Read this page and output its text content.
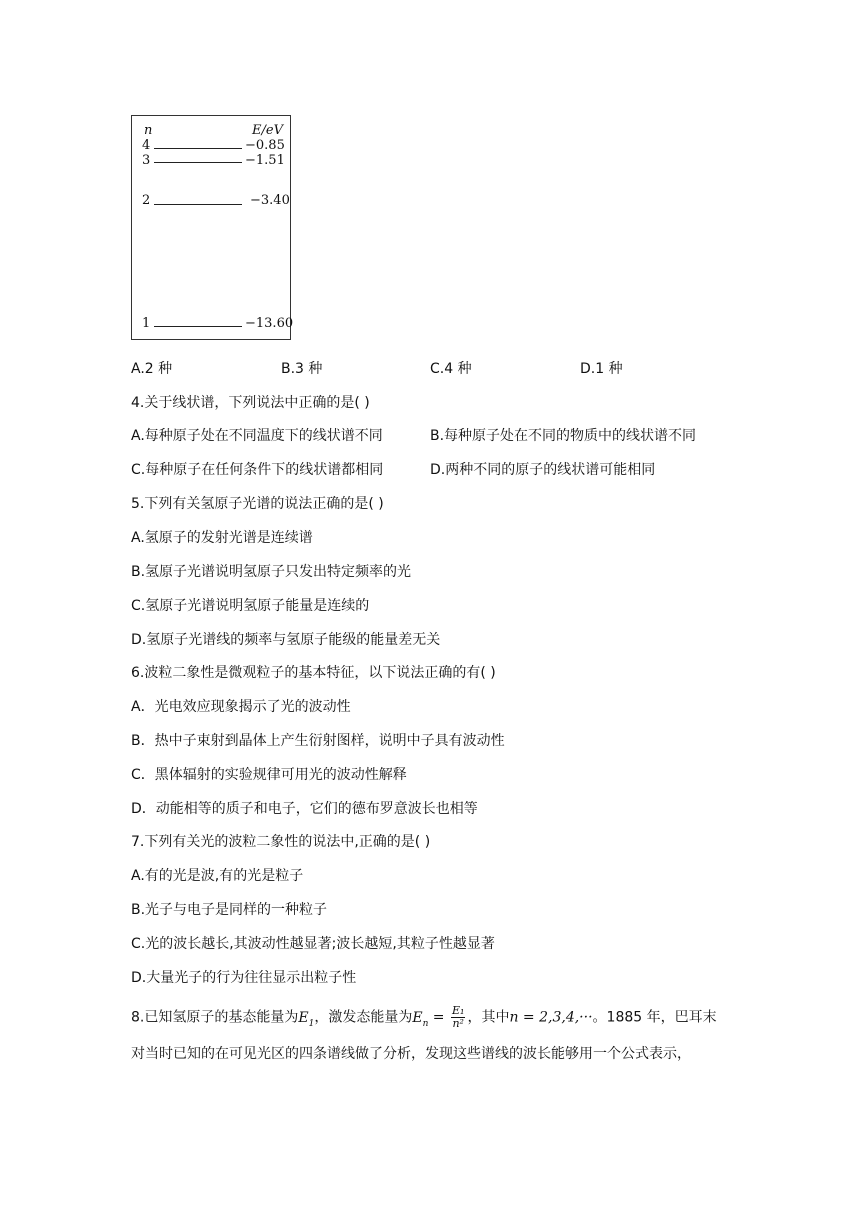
n	E/eV
4	−0.85
3	−1.51
2	−3.40
1	−13.60
A.2 种	B.3 种	C.4 种	D.1 种
4.关于线状谱，下列说法中正确的是( )
A.每种原子处在不同温度下的线状谱不同	B.每种原子处在不同的物质中的线状谱不同
C.每种原子在任何条件下的线状谱都相同	D.两种不同的原子的线状谱可能相同
5.下列有关氢原子光谱的说法正确的是( )
A.氢原子的发射光谱是连续谱
B.氢原子光谱说明氢原子只发出特定频率的光
C.氢原子光谱说明氢原子能量是连续的
D.氢原子光谱线的频率与氢原子能级的能量差无关
6.波粒二象性是微观粒子的基本特征，以下说法正确的有( )
A．光电效应现象揭示了光的波动性
B．热中子束射到晶体上产生衍射图样，说明中子具有波动性
C．黑体辐射的实验规律可用光的波动性解释
D．动能相等的质子和电子，它们的德布罗意波长也相等
7.下列有关光的波粒二象性的说法中,正确的是( )
A.有的光是波,有的光是粒子
B.光子与电子是同样的一种粒子
C.光的波长越长,其波动性越显著;波长越短,其粒子性越显著
D.大量光子的行为往往显示出粒子性
8.已知氢原子的基态能量为$E_1$，激发态能量为$E_n = \frac{\text{E₁}}{\text{n²}}$ ，其中n = 2,3,4,···。1885 年，巴耳末
对当时已知的在可见光区的四条谱线做了分析，发现这些谱线的波长能够用一个公式表示，
